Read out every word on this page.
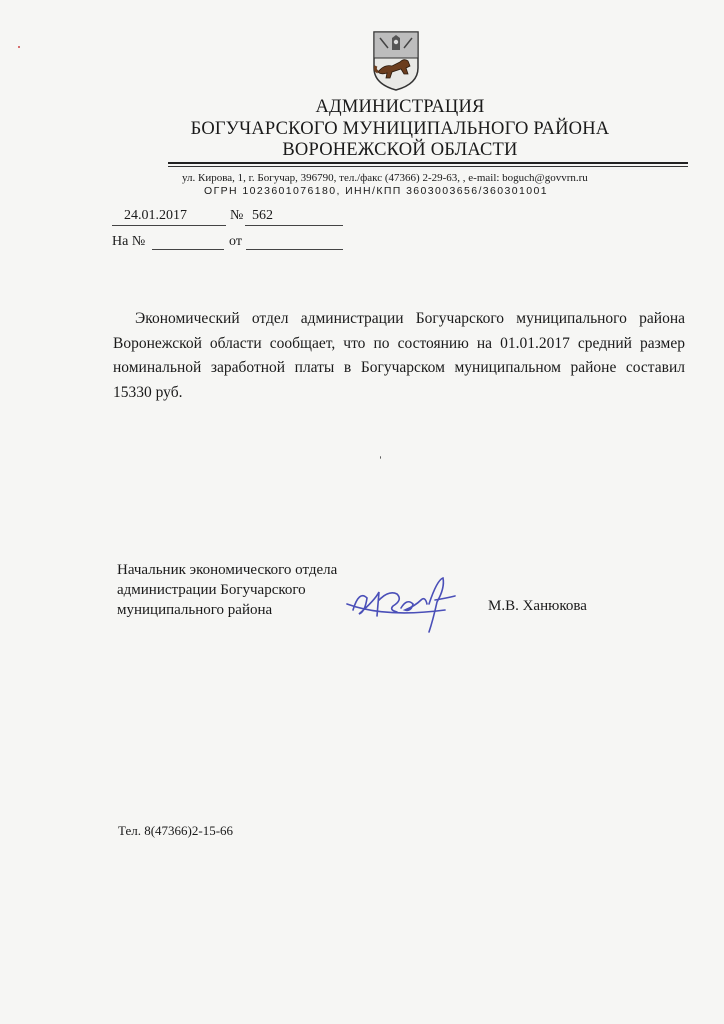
АДМИНИСТРАЦИЯ
БОГУЧАРСКОГО МУНИЦИПАЛЬНОГО РАЙОНА
ВОРОНЕЖСКОЙ ОБЛАСТИ
ул. Кирова, 1, г. Богучар, 396790, тел./факс (47366) 2-29-63, , e-mail: boguch@govvrn.ru
ОГРН 1023601076180, ИНН/КПП 3603003656/360301001
24.01.2017	№ 562
На №	от

Экономический отдел администрации Богучарского муниципального района Воронежской области сообщает, что по состоянию на 01.01.2017 средний размер номинальной заработной платы в Богучарском муниципальном районе составил 15330 руб.

Начальник экономического отдела
администрации Богучарского
муниципального района	М.В. Ханюкова
Тел. 8(47366)2-15-66
